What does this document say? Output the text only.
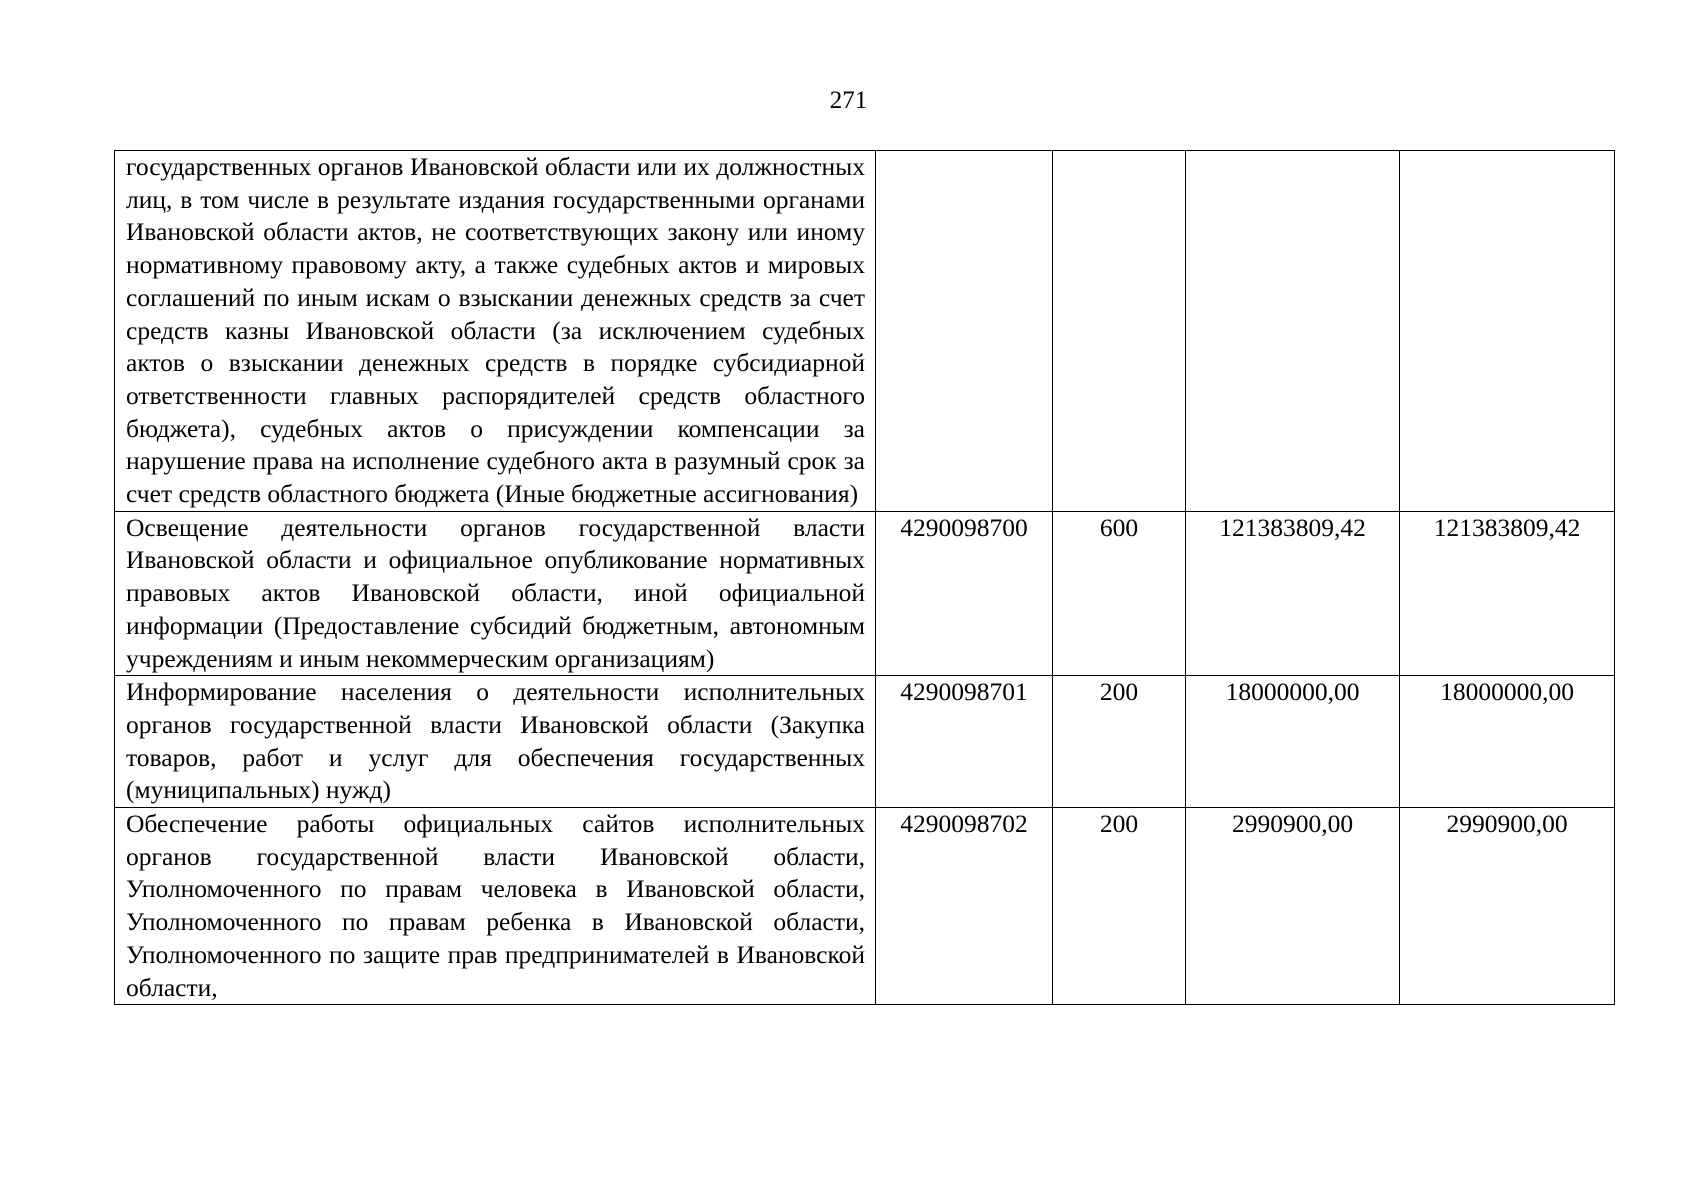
271
государственных органов Ивановской области или их должностных лиц, в том числе в результате издания государственными органами Ивановской области актов, не соответствующих закону или иному нормативному правовому акту, а также судебных актов и мировых соглашений по иным искам о взыскании денежных средств за счет средств казны Ивановской области (за исключением судебных актов о взыскании денежных средств в порядке субсидиарной ответственности главных распорядителей средств областного бюджета), судебных актов о присуждении компенсации за нарушение права на исполнение судебного акта в разумный срок за счет средств областного бюджета (Иные бюджетные ассигнования)				
Освещение деятельности органов государственной власти Ивановской области и официальное опубликование нормативных правовых актов Ивановской области, иной официальной информации (Предоставление субсидий бюджетным, автономным учреждениям и иным некоммерческим организациям)	4290098700	600	121383809,42	121383809,42
Информирование населения о деятельности исполнительных органов государственной власти Ивановской области (Закупка товаров, работ и услуг для обеспечения государственных (муниципальных) нужд)	4290098701	200	18000000,00	18000000,00

Обеспечение работы официальных сайтов исполнительных органов государственной власти Ивановской области, Уполномоченного по правам человека в Ивановской области, Уполномоченного по правам ребенка в Ивановской области, Уполномоченного по защите прав предпринимателей в Ивановской области,	4290098702	200	2990900,00	2990900,00
